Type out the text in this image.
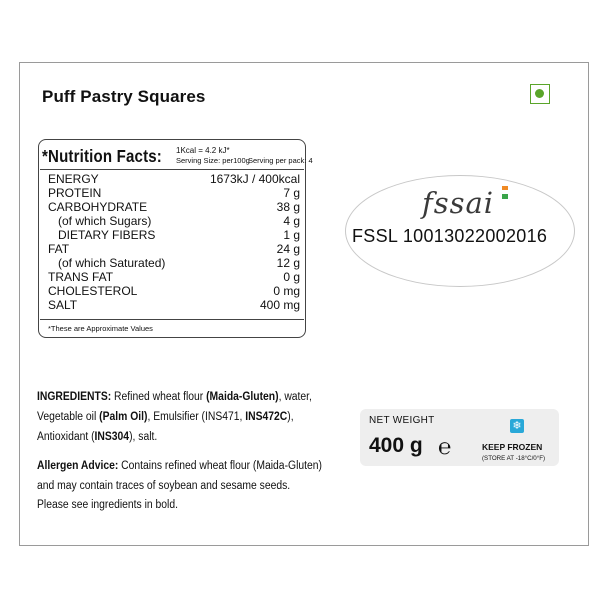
Puff Pastry Squares
*Nutrition Facts: 1Kcal = 4.2 kJ*
Serving Size: per100g
Serving per pack: 4
ENERGY	1673kJ / 400kcal
PROTEIN	7 g
CARBOHYDRATE	38 g
(of which Sugars)	4 g
DIETARY FIBERS	1 g
FAT	24 g
(of which Saturated)	12 g
TRANS FAT	0 g
CHOLESTEROL	0 mg
SALT	400 mg
*These are Approximate Values
fssai
FSSL 10013022002016
INGREDIENTS: Refined wheat flour (Maida-Gluten), water,
Vegetable oil (Palm Oil), Emulsifier (INS471, INS472C),
Antioxidant (INS304), salt.
Allergen Advice: Contains refined wheat flour (Maida-Gluten)
and may contain traces of soybean and sesame seeds.
Please see ingredients in bold.
NET WEIGHT
400 g ℮
❄
KEEP FROZEN
(STORE AT -18°C/0°F)
